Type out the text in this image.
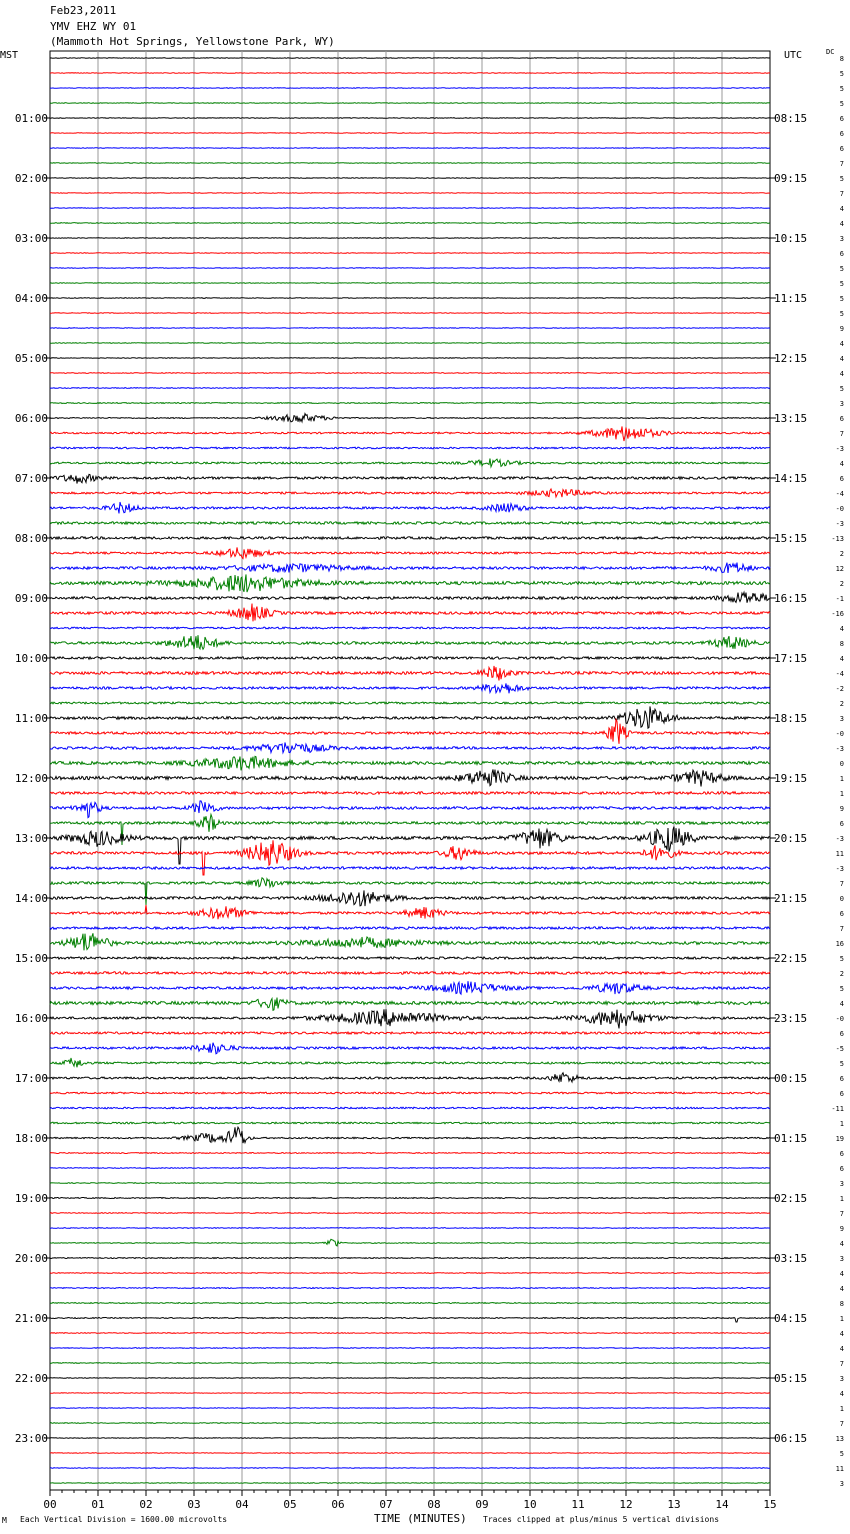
Feb23,2011
YMV EHZ WY 01
(Mammoth Hot Springs, Yellowstone Park, WY)
MST	UTC	DC
00	01	02	03	04	05	06	07	08	09	10	11	12	13	14	15
01:00
02:00
03:00
04:00
05:00
06:00
07:00
08:00
09:00
10:00
11:00
12:00
13:00
14:00
15:00
16:00
17:00
18:00
19:00
20:00
21:00
22:00
23:00
08:15
09:15
10:15
11:15
12:15
13:15
14:15
15:15
16:15
17:15
18:15
19:15
20:15
21:15
22:15
23:15
00:15
01:15
02:15
03:15
04:15
05:15
06:15
8
5
5
5
6
6
6
7
5
7
4
4
3
6
5
5
5
5
9
4
4
4
5
3
6
7
-3
4
6
-4
-0
-3
-13
2
12
2
-1
-16
4
8
4
-4
-2
2
3
-0
-3
0
1
1
9
6
-3
11
-3
7
0
6
7
16
5
2
5
4
-0
6
-5
5
6
6
-11
1
19
6
6
3
1
7
9
4
3
4
4
8
1
4
4
7
3
4
1
7
13
5
11
3
M Each Vertical Division = 1600.00 microvolts	TIME (MINUTES) Traces clipped at plus/minus 5 vertical divisions
